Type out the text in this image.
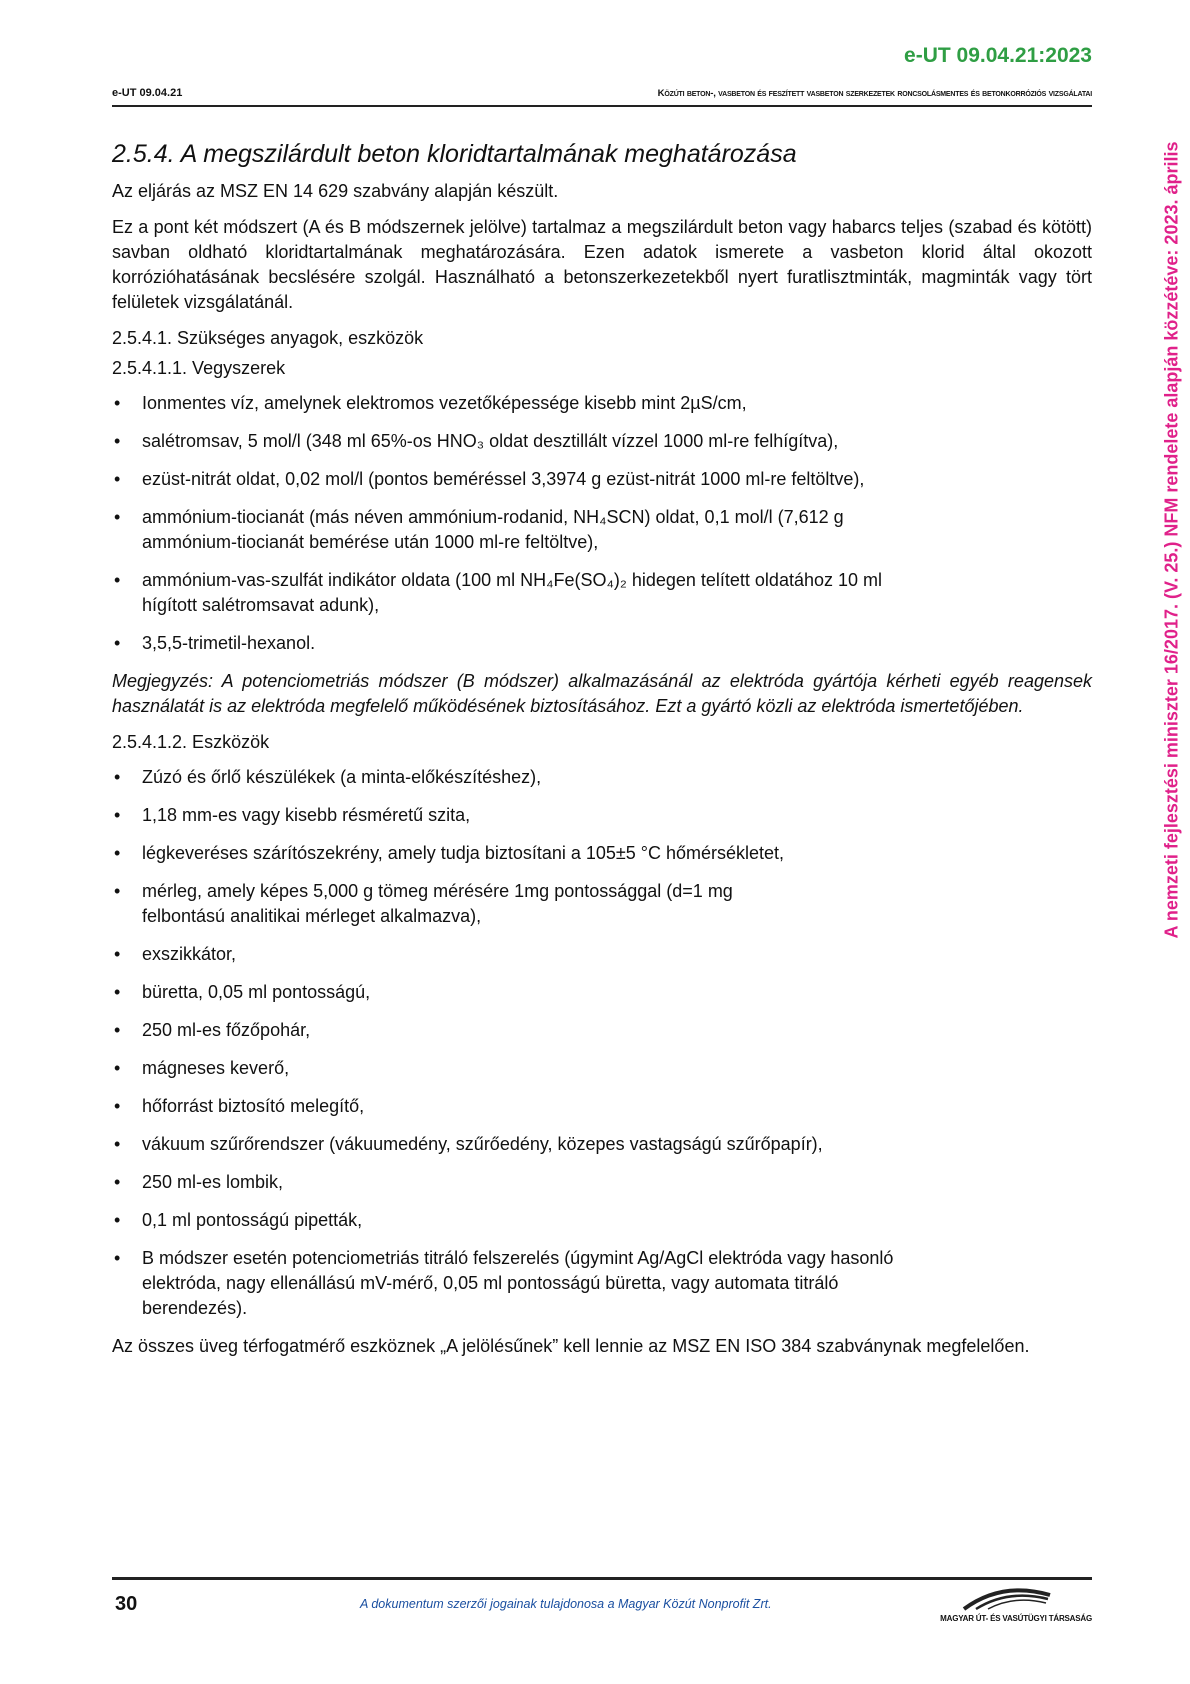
e-UT 09.04.21:2023
e-UT 09.04.21	Közúti beton-, vasbeton és feszített vasbeton szerkezetek roncsolásmentes és betonkorróziós vizsgálatai
2.5.4. A megszilárdult beton kloridtartalmának meghatározása

Az eljárás az MSZ EN 14 629 szabvány alapján készült.

Ez a pont két módszert (A és B módszernek jelölve) tartalmaz a megszilárdult beton vagy habarcs teljes (szabad és kötött) savban oldható kloridtartalmának meghatározására. Ezen adatok ismerete a vasbeton klorid által okozott korrózióhatásának becslésére szolgál. Használható a betonszerkezetekből nyert furatlisztminták, magminták vagy tört felületek vizsgálatánál.

2.5.4.1. Szükséges anyagok, eszközök
2.5.4.1.1. Vegyszerek
• Ionmentes víz, amelynek elektromos vezetőképessége kisebb mint 2µS/cm,
• salétromsav, 5 mol/l (348 ml 65%-os HNO₃ oldat desztillált vízzel 1000 ml-re felhígítva),
• ezüst-nitrát oldat, 0,02 mol/l (pontos beméréssel 3,3974 g ezüst-nitrát 1000 ml-re feltöltve),
• ammónium-tiocianát (más néven ammónium-rodanid, NH₄SCN) oldat, 0,1 mol/l (7,612 g ammónium-tiocianát bemérése után 1000 ml-re feltöltve),
• ammónium-vas-szulfát indikátor oldata (100 ml NH₄Fe(SO₄)₂ hidegen telített oldatához 10 ml hígított salétromsavat adunk),
• 3,5,5-trimetil-hexanol.

Megjegyzés: A potenciometriás módszer (B módszer) alkalmazásánál az elektróda gyártója kérheti egyéb reagensek használatát is az elektróda megfelelő működésének biztosításához. Ezt a gyártó közli az elektróda ismertetőjében.

2.5.4.1.2. Eszközök
• Zúzó és őrlő készülékek (a minta-előkészítéshez),
• 1,18 mm-es vagy kisebb résméretű szita,
• légkeveréses szárítószekrény, amely tudja biztosítani a 105±5 °C hőmérsékletet,
• mérleg, amely képes 5,000 g tömeg mérésére 1mg pontossággal (d=1 mg felbontású analitikai mérleget alkalmazva),
• exszikkátor,
• büretta, 0,05 ml pontosságú,
• 250 ml-es főzőpohár,
• mágneses keverő,
• hőforrást biztosító melegítő,
• vákuum szűrőrendszer (vákuumedény, szűrőedény, közepes vastagságú szűrőpapír),
• 250 ml-es lombik,
• 0,1 ml pontosságú pipetták,
• B módszer esetén potenciometriás titráló felszerelés (úgymint Ag/AgCl elektróda vagy hasonló elektróda, nagy ellenállású mV-mérő, 0,05 ml pontosságú büretta, vagy automata titráló berendezés).

Az összes üveg térfogatmérő eszköznek „A jelölésűnek” kell lennie az MSZ EN ISO 384 szabványnak megfelelően.

A nemzeti fejlesztési miniszter 16/2017. (V. 25.) NFM rendelete alapján közzétéve: 2023. április
30	A dokumentum szerzői jogainak tulajdonosa a Magyar Közút Nonprofit Zrt.
MAGYAR ÚT- ÉS VASÚTÜGYI TÁRSASÁG
